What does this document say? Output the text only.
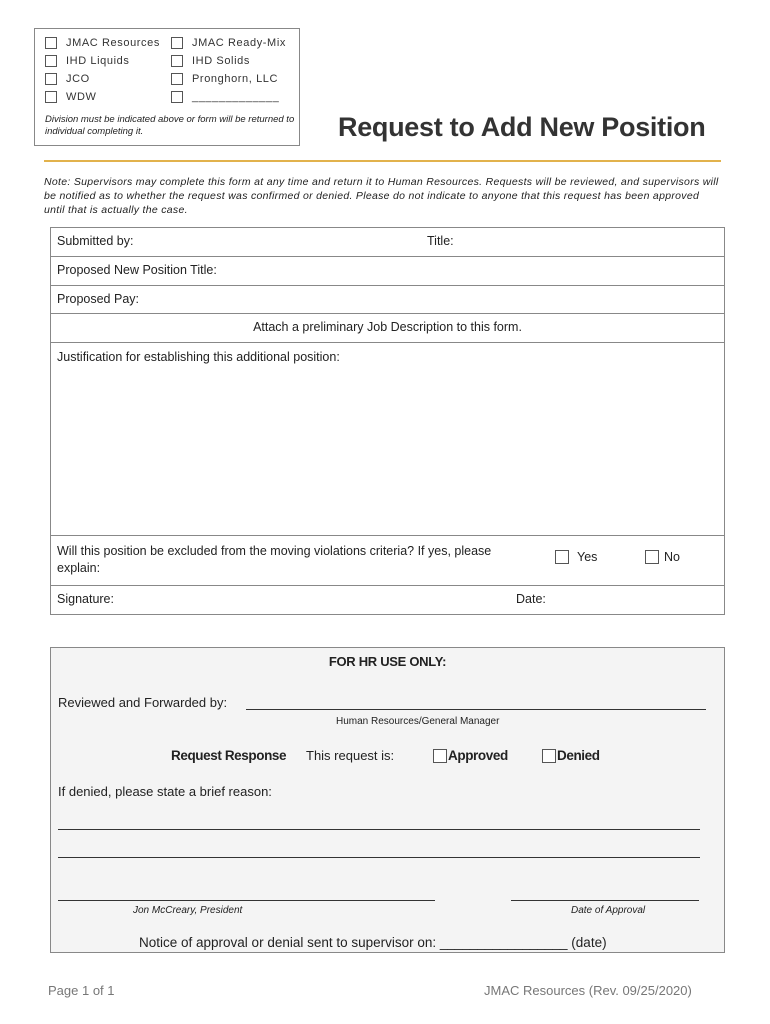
JMAC Resources	JMAC Ready-Mix
IHD Liquids	IHD Solids
JCO	Pronghorn, LLC
WDW	_____________
Division must be indicated above or form will be returned to individual completing it.	Request to Add New Position
Note: Supervisors may complete this form at any time and return it to Human Resources. Requests will be reviewed, and supervisors will be notified as to whether the request was confirmed or denied. Please do not indicate to anyone that this request has been approved until that is actually the case.
Submitted by:	Title:
Proposed New Position Title:
Proposed Pay:
Attach a preliminary Job Description to this form.
Justification for establishing this additional position:
Will this position be excluded from the moving violations criteria? If yes, please explain:
Yes	No
Signature:	Date:
FOR HR USE ONLY:
Reviewed and Forwarded by:
Human Resources/General Manager
Request Response This request is:	Approved	Denied
If denied, please state a brief reason:
Jon McCreary, President	Date of Approval
Notice of approval or denial sent to supervisor on: _________________ (date)
Page 1 of 1	JMAC Resources (Rev. 09/25/2020)
